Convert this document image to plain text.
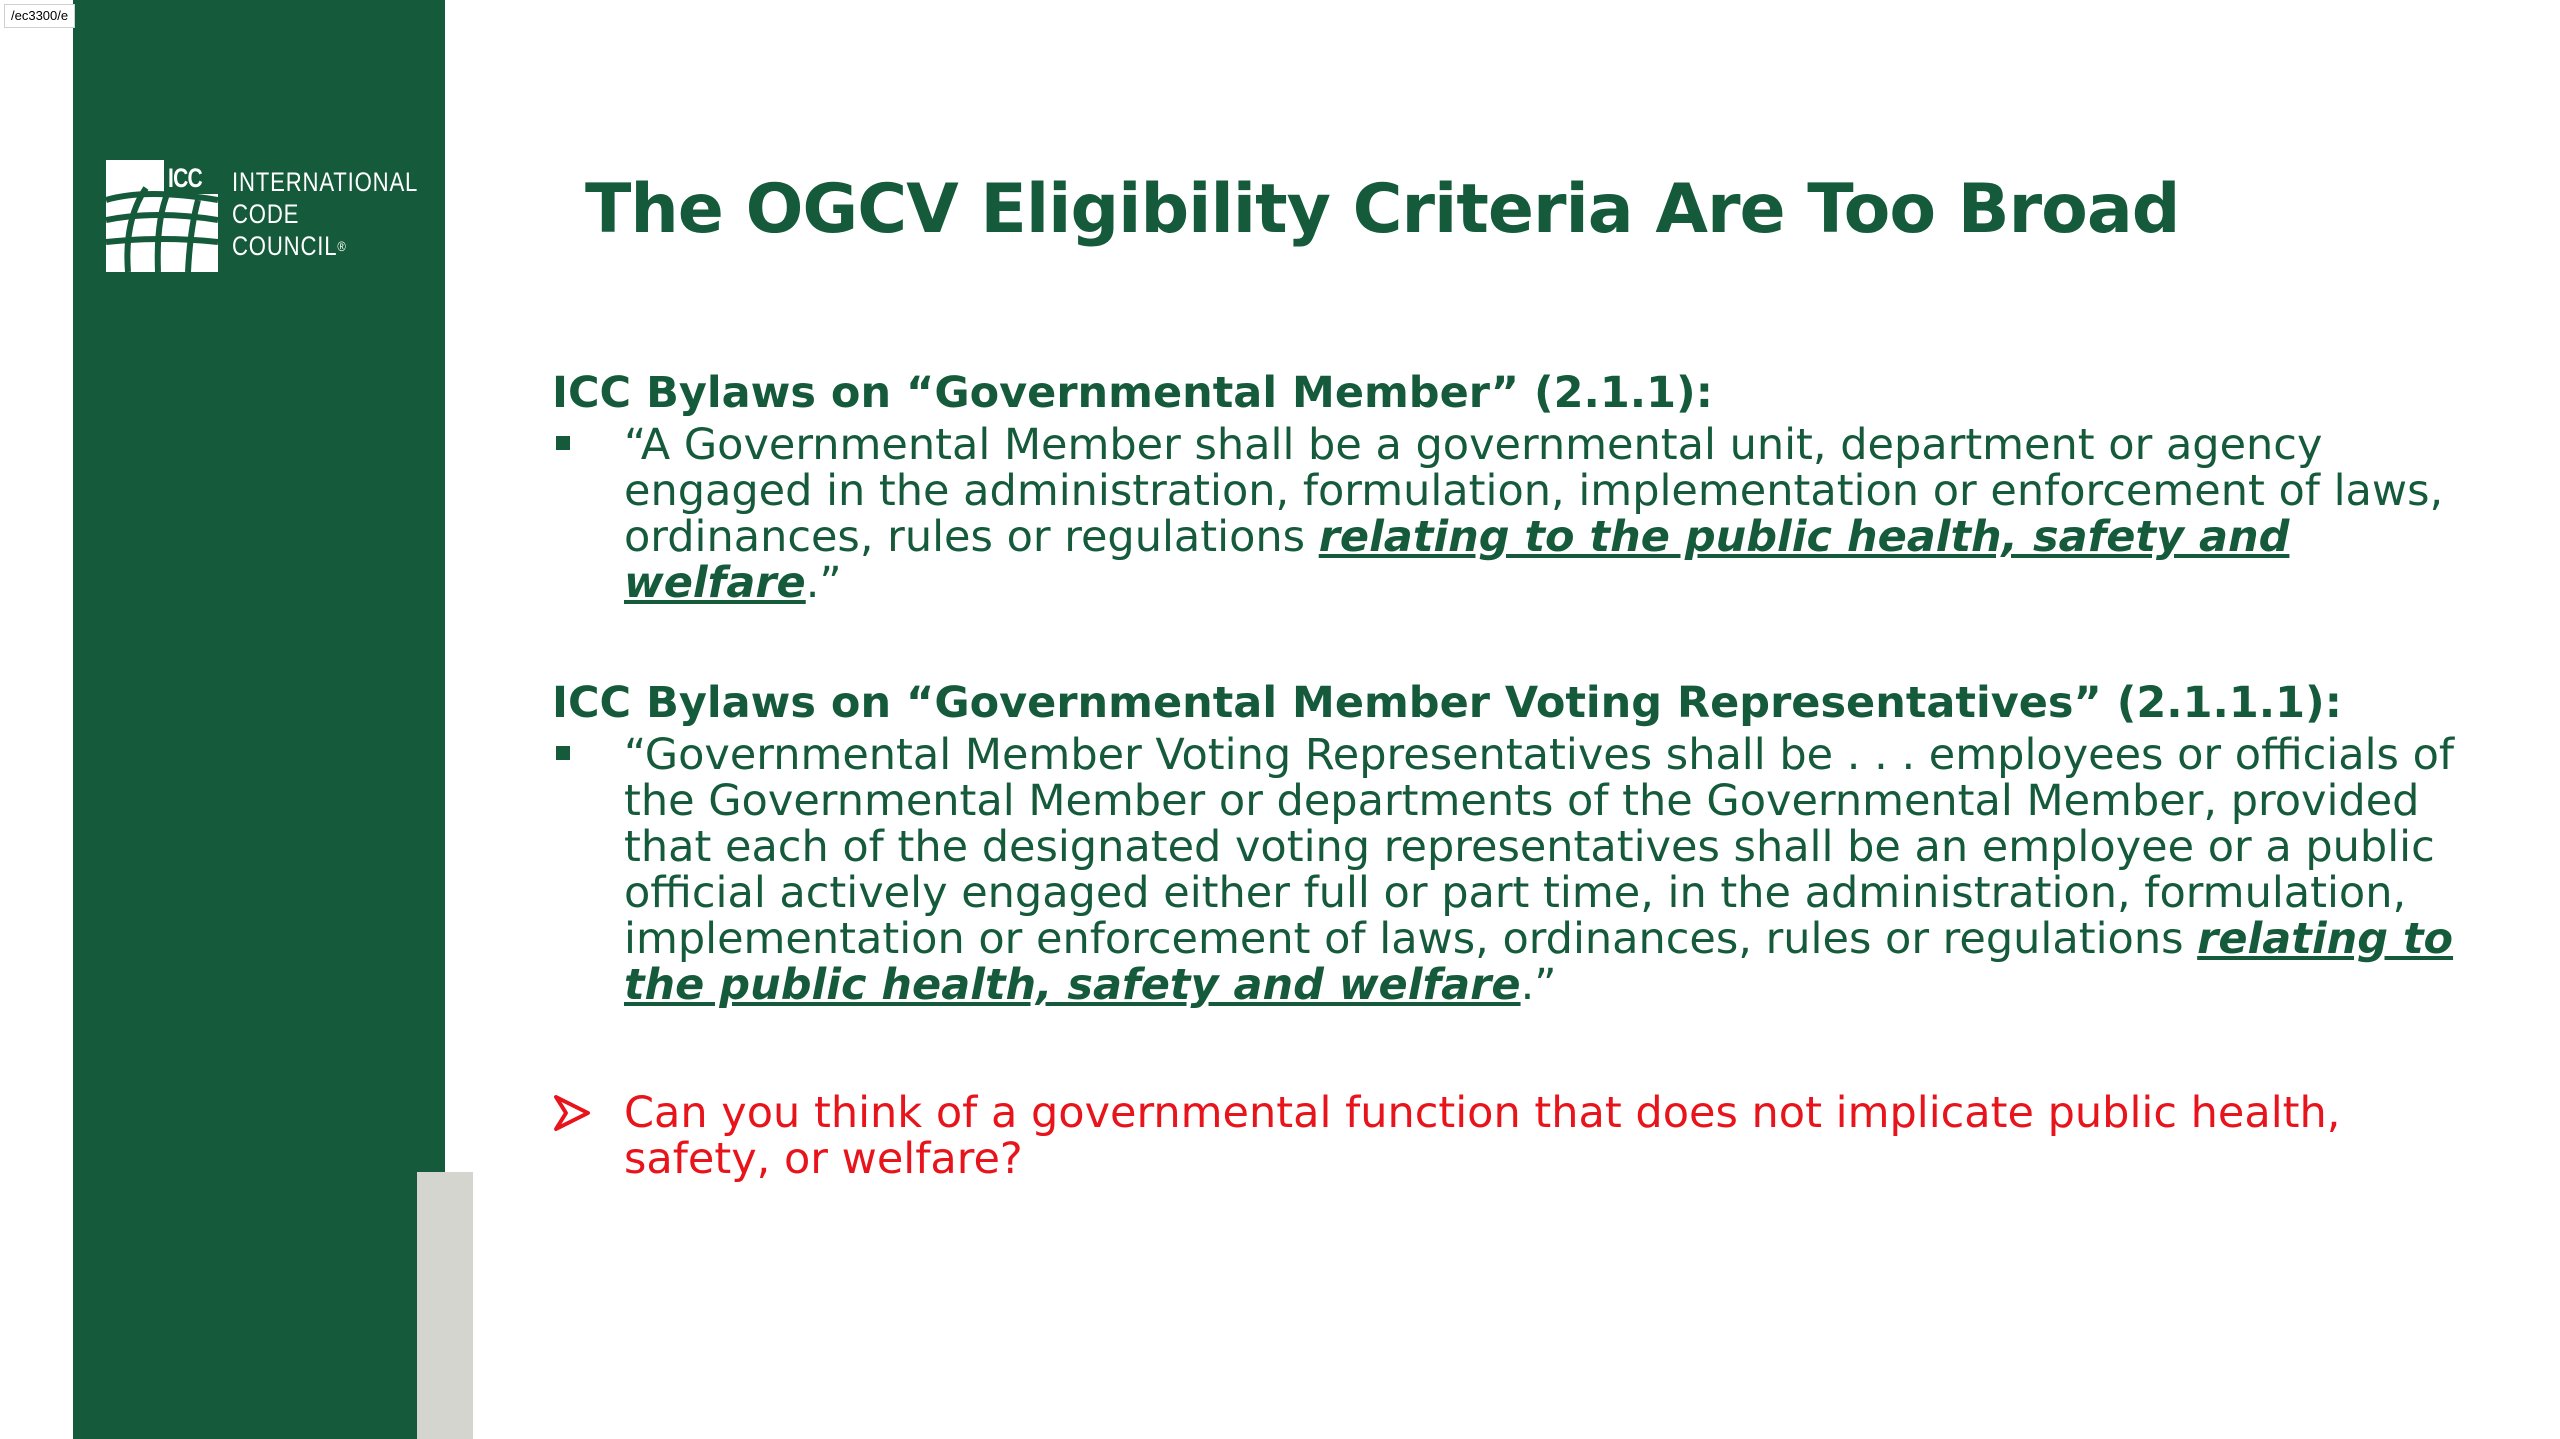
/ec3300/e
ICC INTERNATIONAL
CODE
COUNCIL®	The OGCV Eligibility Criteria Are Too Broad
ICC Bylaws on “Governmental Member” (2.1.1):

“A Governmental Member shall be a governmental unit, department or agency engaged in the administration, formulation, implementation or enforcement of laws, ordinances, rules or regulations relating to the public health, safety and welfare.”

ICC Bylaws on “Governmental Member Voting Representatives” (2.1.1.1):

“Governmental Member Voting Representatives shall be . . . employees or officials of the Governmental Member or departments of the Governmental Member, provided that each of the designated voting representatives shall be an employee or a public official actively engaged either full or part time, in the administration, formulation, implementation or enforcement of laws, ordinances, rules or regulations relating to the public health, safety and welfare.”

Can you think of a governmental function that does not implicate public health, safety, or welfare?
